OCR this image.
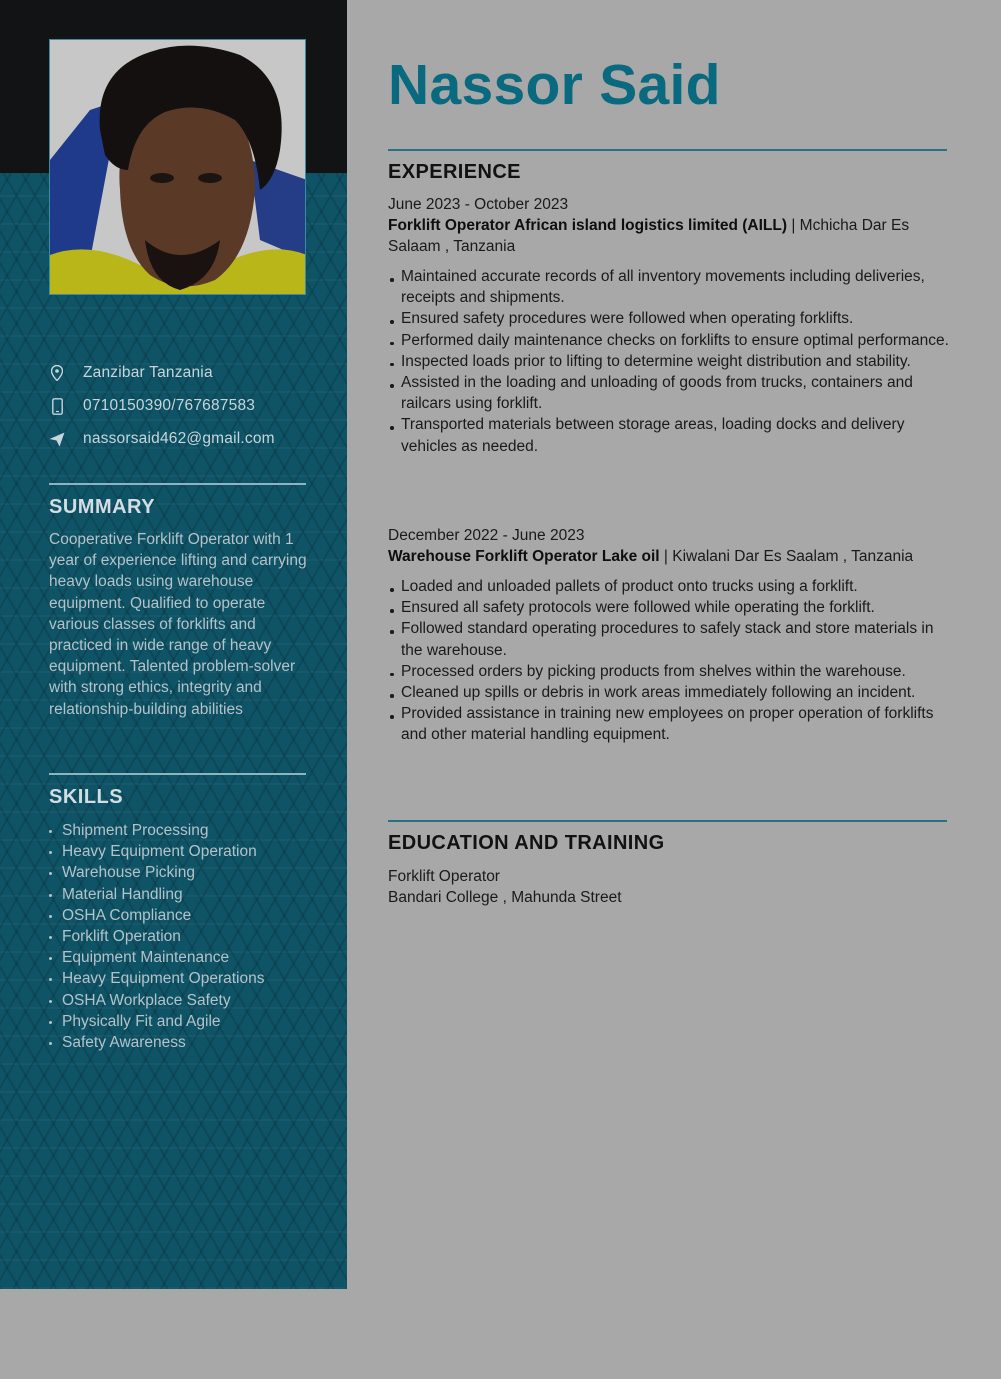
Zanzibar Tanzania
0710150390/767687583
nassorsaid462@gmail.com
SUMMARY

Cooperative Forklift Operator with 1 year of experience lifting and carrying heavy loads using warehouse equipment. Qualified to operate various classes of forklifts and practiced in wide range of heavy equipment. Talented problem-solver with strong ethics, integrity and relationship-building abilities

SKILLS
Shipment Processing
Heavy Equipment Operation
Warehouse Picking
Material Handling
OSHA Compliance
Forklift Operation
Equipment Maintenance
Heavy Equipment Operations
OSHA Workplace Safety
Physically Fit and Agile
Safety Awareness
Nassor Said
EXPERIENCE
June 2023 - October 2023
Forklift Operator African island logistics limited (AILL) | Mchicha Dar Es Salaam , Tanzania
Maintained accurate records of all inventory movements including deliveries, receipts and shipments.
Ensured safety procedures were followed when operating forklifts.
Performed daily maintenance checks on forklifts to ensure optimal performance.
Inspected loads prior to lifting to determine weight distribution and stability.
Assisted in the loading and unloading of goods from trucks, containers and railcars using forklift.
Transported materials between storage areas, loading docks and delivery vehicles as needed.
December 2022 - June 2023
Warehouse Forklift Operator Lake oil | Kiwalani Dar Es Saalam , Tanzania
Loaded and unloaded pallets of product onto trucks using a forklift.
Ensured all safety protocols were followed while operating the forklift.
Followed standard operating procedures to safely stack and store materials in the warehouse.
Processed orders by picking products from shelves within the warehouse.
Cleaned up spills or debris in work areas immediately following an incident.
Provided assistance in training new employees on proper operation of forklifts and other material handling equipment.
EDUCATION AND TRAINING
Forklift Operator
Bandari College , Mahunda Street
